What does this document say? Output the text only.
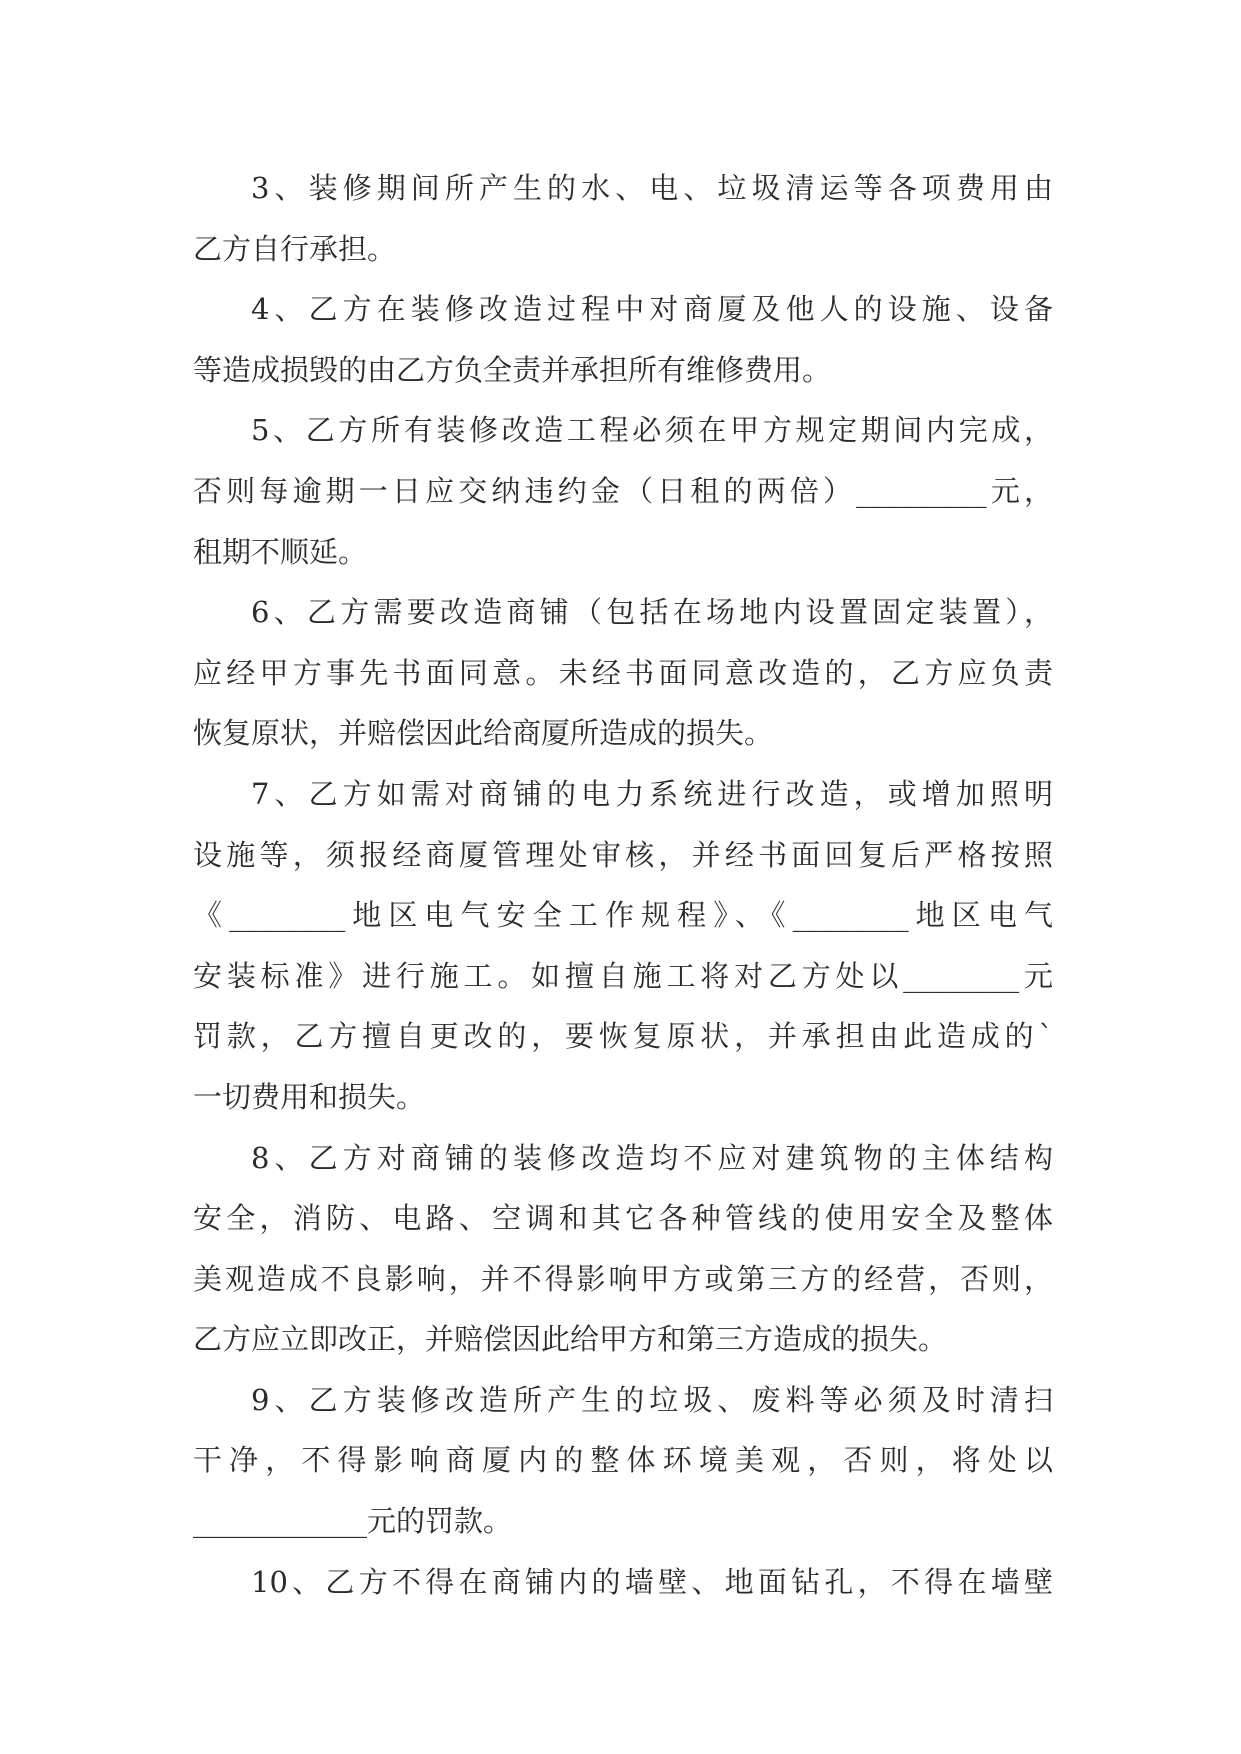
3、装修期间所产生的水、电、垃圾清运等各项费用由
乙方自行承担。
4、乙方在装修改造过程中对商厦及他人的设施、设备
等造成损毁的由乙方负全责并承担所有维修费用。
5、乙方所有装修改造工程必须在甲方规定期间内完成，
否则每逾期一日应交纳违约金（日租的两倍）_________元，
租期不顺延。
6、乙方需要改造商铺（包括在场地内设置固定装置），
应经甲方事先书面同意。未经书面同意改造的，乙方应负责
恢复原状，并赔偿因此给商厦所造成的损失。
7、乙方如需对商铺的电力系统进行改造，或增加照明
设施等，须报经商厦管理处审核，并经书面回复后严格按照
《________地区电气安全工作规程》、《________地区电气
安装标准》进行施工。如擅自施工将对乙方处以________元
罚款，乙方擅自更改的，要恢复原状，并承担由此造成的`
一切费用和损失。
8、乙方对商铺的装修改造均不应对建筑物的主体结构
安全，消防、电路、空调和其它各种管线的使用安全及整体
美观造成不良影响，并不得影响甲方或第三方的经营，否则，
乙方应立即改正，并赔偿因此给甲方和第三方造成的损失。
9、乙方装修改造所产生的垃圾、废料等必须及时清扫
干净，不得影响商厦内的整体环境美观，否则，将处以
____________元的罚款。
10、乙方不得在商铺内的墙壁、地面钻孔，不得在墙壁
